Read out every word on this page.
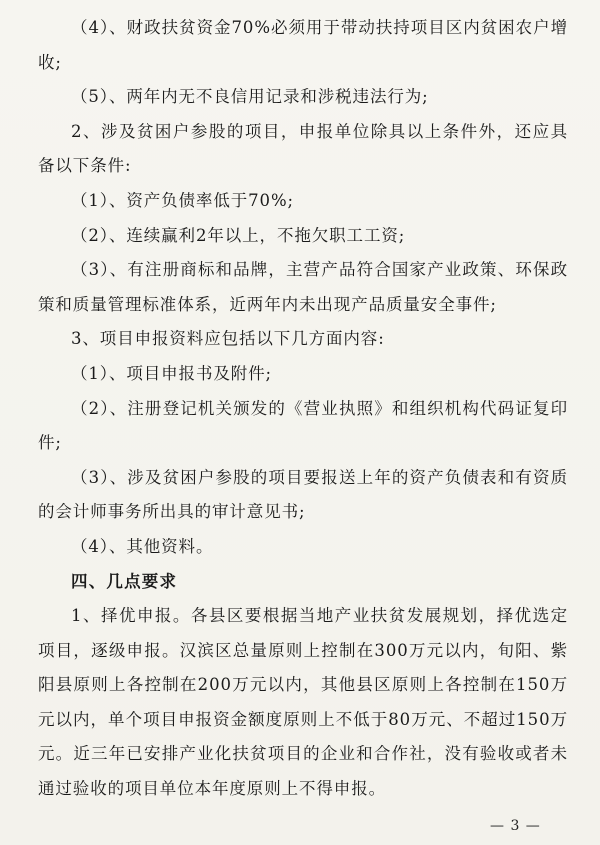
（4）、财政扶贫资金70%必须用于带动扶持项目区内贫困农户增收;

（5）、两年内无不良信用记录和涉税违法行为;

2、涉及贫困户参股的项目，申报单位除具以上条件外，还应具备以下条件:

（1）、资产负债率低于70%;

（2）、连续赢利2年以上，不拖欠职工工资;

（3）、有注册商标和品牌，主营产品符合国家产业政策、环保政策和质量管理标准体系，近两年内未出现产品质量安全事件;

3、项目申报资料应包括以下几方面内容:

（1）、项目申报书及附件;

（2）、注册登记机关颁发的《营业执照》和组织机构代码证复印件;

（3）、涉及贫困户参股的项目要报送上年的资产负债表和有资质的会计师事务所出具的审计意见书;

（4）、其他资料。

四、几点要求

1、择优申报。各县区要根据当地产业扶贫发展规划，择优选定项目，逐级申报。汉滨区总量原则上控制在300万元以内，旬阳、紫阳县原则上各控制在200万元以内，其他县区原则上各控制在150万元以内，单个项目申报资金额度原则上不低于80万元、不超过150万元。近三年已安排产业化扶贫项目的企业和合作社，没有验收或者未通过验收的项目单位本年度原则上不得申报。

— 3 —
